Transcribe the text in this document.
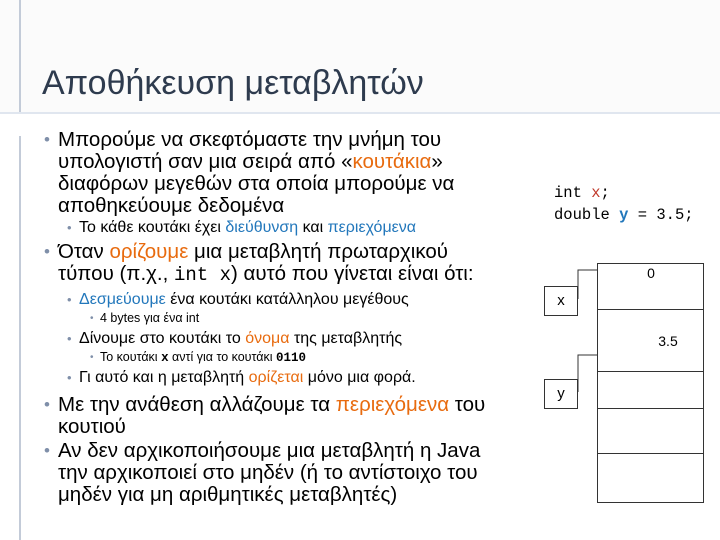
Αποθήκευση μεταβλητών
• Μπορούμε να σκεφτόμαστε την μνήμη του
υπολογιστή σαν μια σειρά από «κουτάκια»
διαφόρων μεγεθών στα οποία μπορούμε να
αποθηκεύουμε δεδομένα
• Το κάθε κουτάκι έχει διεύθυνση και περιεχόμενα
• Όταν ορίζουμε μια μεταβλητή πρωταρχικού
τύπου (π.χ., int x) αυτό που γίνεται είναι ότι:
• Δεσμεύουμε ένα κουτάκι κατάλληλου μεγέθους
• 4 bytes για ένα int
• Δίνουμε στο κουτάκι το όνομα της μεταβλητής
• Το κουτάκι x αντί για το κουτάκι 0110
• Γι αυτό και η μεταβλητή ορίζεται μόνο μια φορά.
• Με την ανάθεση αλλάζουμε τα περιεχόμενα του
κουτιού
• Αν δεν αρχικοποιήσουμε μια μεταβλητή η Java
την αρχικοποιεί στο μηδέν (ή το αντίστοιχο του
μηδέν για μη αριθμητικές μεταβλητές)
int x;
double y = 3.5;
0
3.5
x
y
